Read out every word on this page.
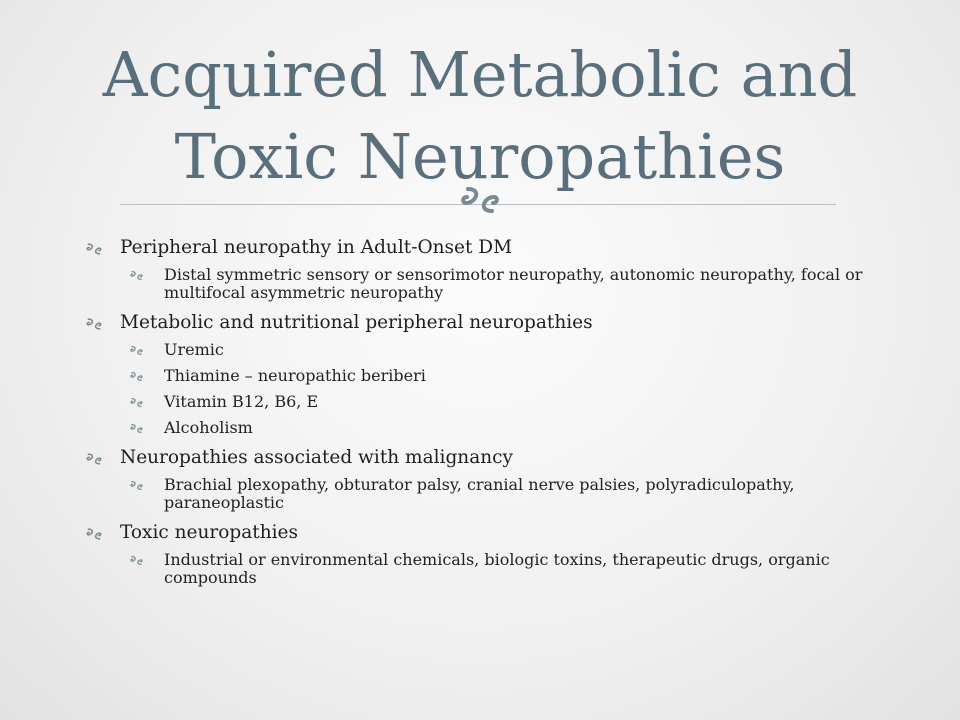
Acquired Metabolic and
Toxic Neuropathies
Peripheral neuropathy in Adult-Onset DM
Distal symmetric sensory or sensorimotor neuropathy, autonomic neuropathy, focal or multifocal asymmetric neuropathy
Metabolic and nutritional peripheral neuropathies
Uremic
Thiamine – neuropathic beriberi
Vitamin B12, B6, E
Alcoholism
Neuropathies associated with malignancy
Brachial plexopathy, obturator palsy, cranial nerve palsies, polyradiculopathy, paraneoplastic
Toxic neuropathies
Industrial or environmental chemicals, biologic toxins, therapeutic drugs, organic compounds
